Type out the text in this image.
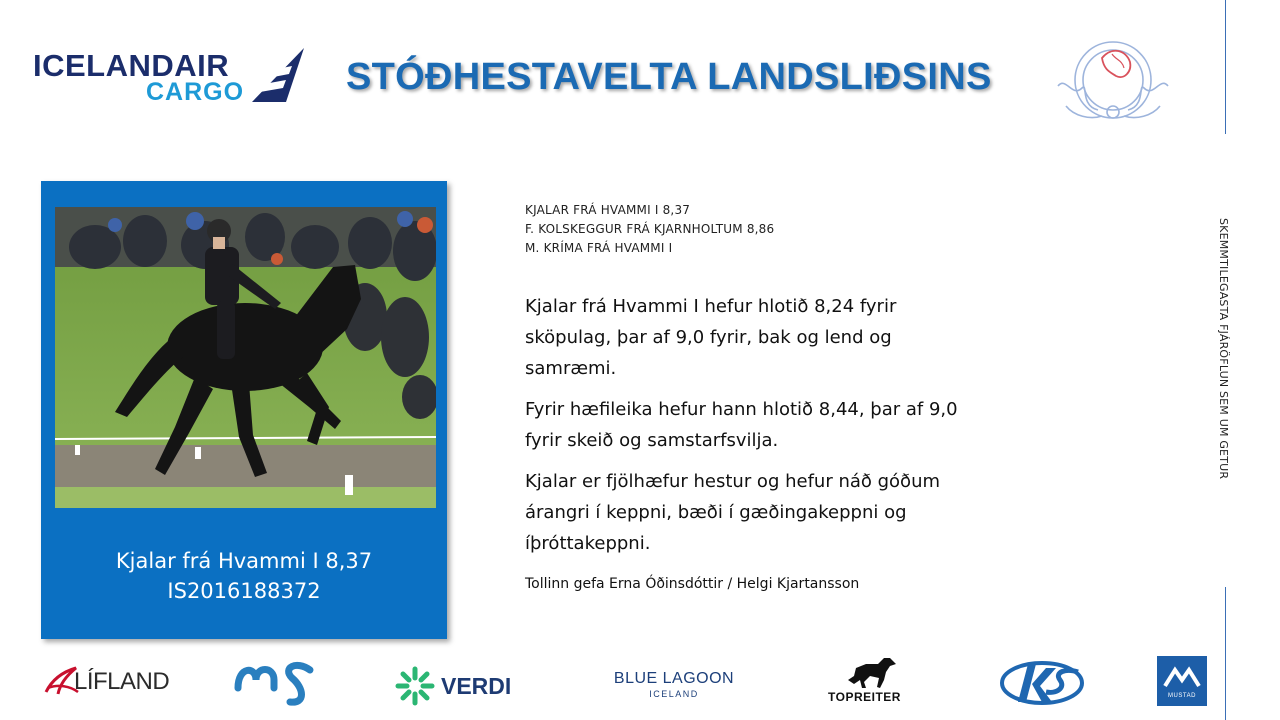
ICELANDAIR
CARGO	STÓÐHESTAVELTA LANDSLIÐSINS
Kjalar frá Hvammi I 8,37
IS2016188372
KJALAR FRÁ HVAMMI I 8,37
F. KOLSKEGGUR FRÁ KJARNHOLTUM 8,86
M. KRÍMA FRÁ HVAMMI I
Kjalar frá Hvammi I hefur hlotið 8,24 fyrir sköpulag, þar af 9,0 fyrir, bak og lend og samræmi.
Fyrir hæfileika hefur hann hlotið 8,44, þar af 9,0 fyrir skeið og samstarfsvilja.
Kjalar er fjölhæfur hestur og hefur náð góðum árangri í keppni, bæði í gæðingakeppni og íþróttakeppni.
Tollinn gefa Erna Óðinsdóttir / Helgi Kjartansson
SKEMMTILEGASTA FJÁRÖFLUN SEM UM GETUR
LÍFLAND	VERDI	BLUE LAGOON
ICELAND	TOPREITER	MUSTAD
